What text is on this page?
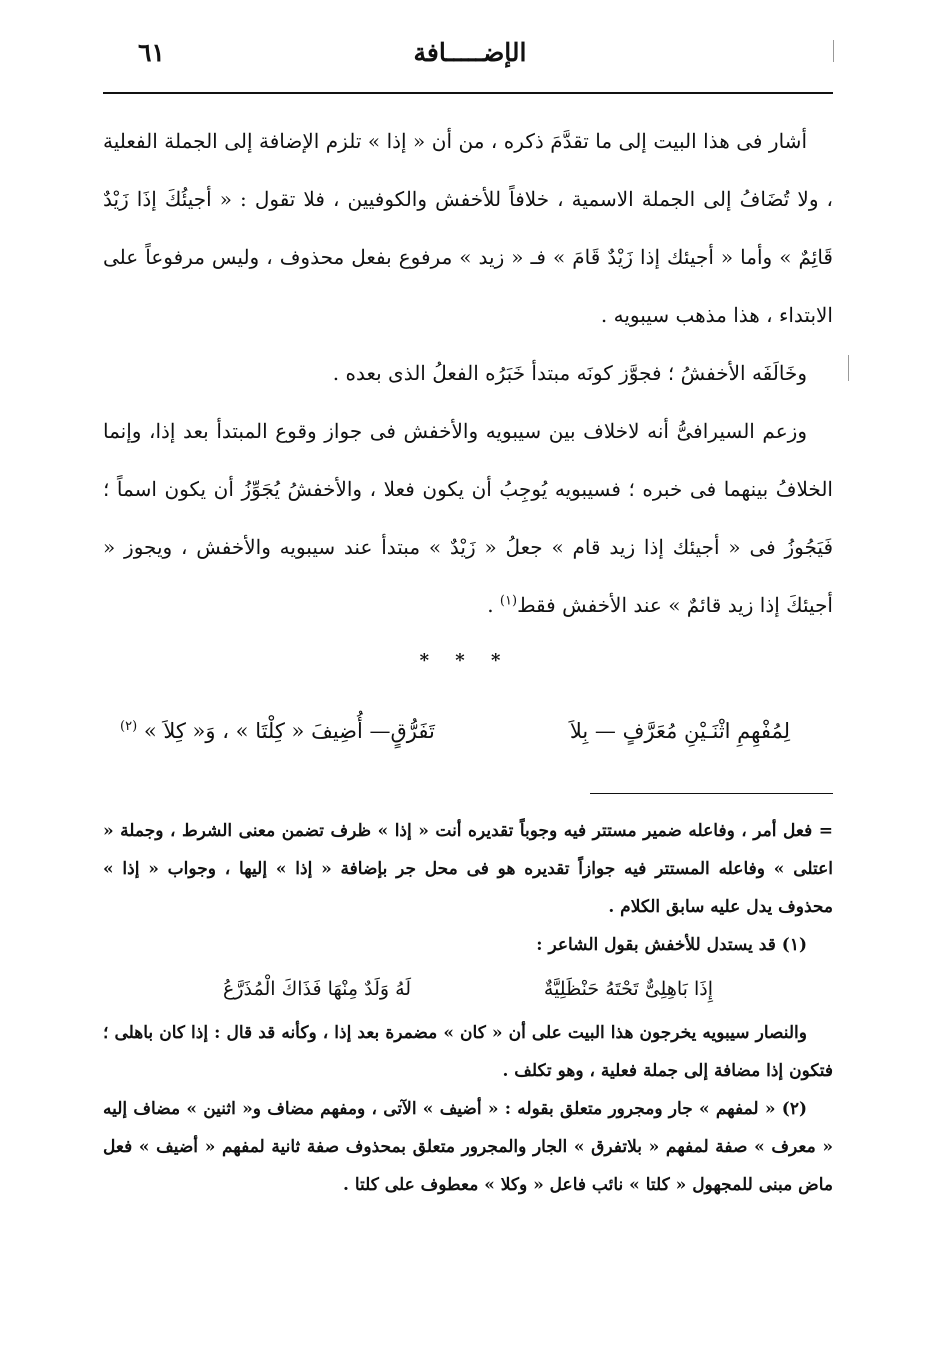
الإضـــــافة
٦١

أشار فى هذا البيت إلى ما تقدَّمَ ذكره ، من أن « إذا » تلزم الإضافة إلى الجملة الفعلية ، ولا تُضَافُ إلى الجملة الاسمية ، خلافاً للأخفش والكوفيين ، فلا تقول : « أجيئُكَ إذَا زَيْدٌ قَائِمٌ » وأما « أجيئك إذا زَيْدٌ قَامَ » فـ « زيد » مرفوع بفعل محذوف ، وليس مرفوعاً على الابتداء ، هذا مذهب سيبويه .

وخَالَفَه الأخفشُ ؛ فجوَّز كونَه مبتدأ خَبَرُه الفعلُ الذى بعده .

وزعم السيرافىُّ أنه لاخلاف بين سيبويه والأخفش فى جواز وقوع المبتدأ بعد إذا، وإنما الخلافُ بينهما فى خبره ؛ فسيبويه يُوجِبُ أن يكون فعلا ، والأخفشُ يُجَوِّزُ أن يكون اسماً ؛ فَيَجُوزُ فى « أجيئك إذا زيد قام » جعلُ « زَيْدٌ » مبتدأ عند سيبويه والأخفش ، ويجوز « أجيئكَ إذا زيد قائمٌ » عند الأخفش فقط$^{(١)}$ .

* * *
لِمُفْهِمِ اثْنَـيْنِ مُعَرَّفٍ — بِلاَ
تَفَرُّقٍ— أُضِيفَ « كِلْتَا » ، وَ« كِلاَ » $^{(٢)}$

= فعل أمر ، وفاعله ضمير مستتر فيه وجوباً تقديره أنت « إذا » ظرف تضمن معنى الشرط ، وجملة « اعتلى » وفاعله المستتر فيه جوازاً تقديره هو فى محل جر بإضافة « إذا » إليها ، وجواب « إذا » محذوف يدل عليه سابق الكلام .

(١) قد يستدل للأخفش بقول الشاعر :

إِذَا بَاهِلِىٌّ تَحْتَهُ حَنْظَلِيَّةٌ
لَهُ وَلَدٌ مِنْهَا فَذَاكَ الْمُذَرَّعُ

والنصار سيبويه يخرجون هذا البيت على أن « كان » مضمرة بعد إذا ، وكأنه قد قال : إذا كان باهلى ؛ فتكون إذا مضافة إلى جملة فعلية ، وهو تكلف .

(٢) « لمفهم » جار ومجرور متعلق بقوله : « أضيف » الآتى ، ومفهم مضاف و« اثنين » مضاف إليه « معرف » صفة لمفهم « بلاتفرق » الجار والمجرور متعلق بمحذوف صفة ثانية لمفهم « أضيف » فعل ماض مبنى للمجهول « كلتا » نائب فاعل « وكلا » معطوف على كلتا .
